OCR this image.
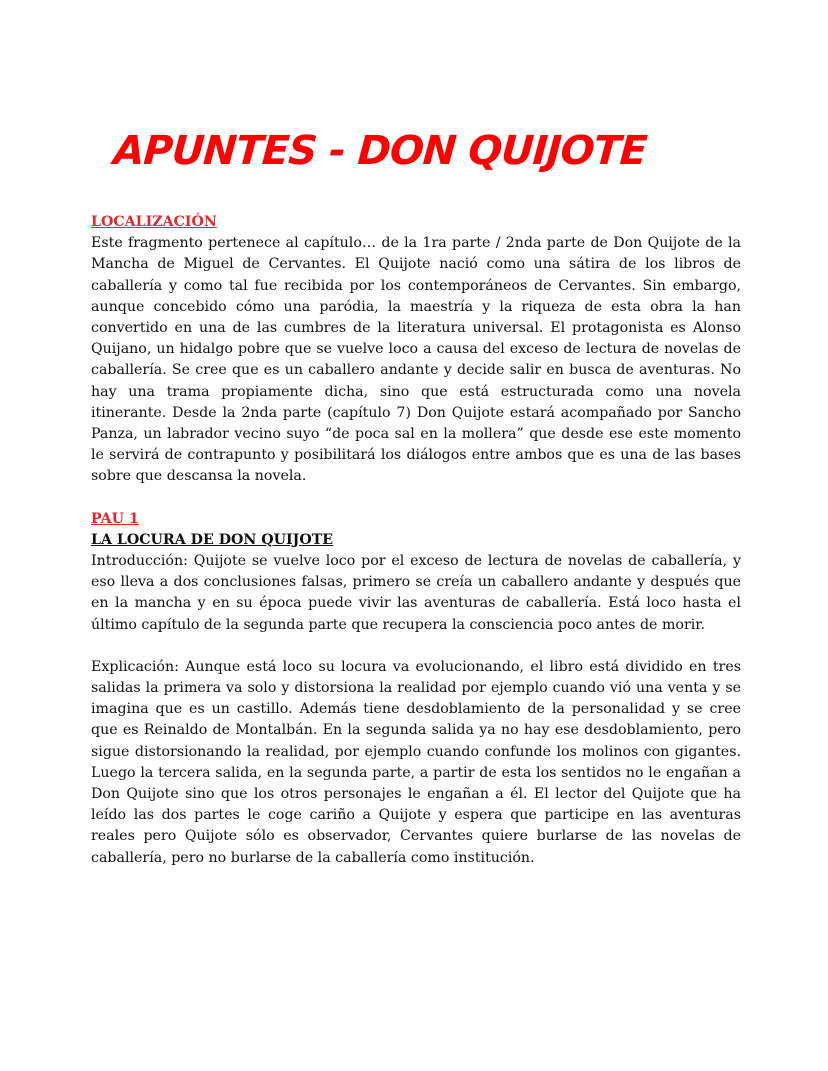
APUNTES - DON QUIJOTE

LOCALIZACIÓN

Este fragmento pertenece al capítulo… de la 1ra parte / 2nda parte de Don Quijote de la Mancha de Miguel de Cervantes. El Quijote nació como una sátira de los libros de caballería y como tal fue recibida por los contemporáneos de Cervantes. Sin embargo, aunque concebido cómo una paródia, la maestría y la riqueza de esta obra la han convertido en una de las cumbres de la literatura universal. El protagonista es Alonso Quijano, un hidalgo pobre que se vuelve loco a causa del exceso de lectura de novelas de caballería. Se cree que es un caballero andante y decide salir en busca de aventuras. No hay una trama propiamente dicha, sino que está estructurada como una novela itinerante. Desde la 2nda parte (capítulo 7) Don Quijote estará acompañado por Sancho Panza, un labrador vecino suyo “de poca sal en la mollera” que desde ese este momento le servirá de contrapunto y posibilitará los diálogos entre ambos que es una de las bases sobre que descansa la novela.

PAU 1

LA LOCURA DE DON QUIJOTE

Introducción: Quijote se vuelve loco por el exceso de lectura de novelas de caballería, y eso lleva a dos conclusiones falsas, primero se creía un caballero andante y después que en la mancha y en su época puede vivir las aventuras de caballería. Está loco hasta el último capítulo de la segunda parte que recupera la consciencia poco antes de morir.

Explicación: Aunque está loco su locura va evolucionando, el libro está dividido en tres salidas la primera va solo y distorsiona la realidad por ejemplo cuando vió una venta y se imagina que es un castillo. Además tiene desdoblamiento de la personalidad y se cree que es Reinaldo de Montalbán. En la segunda salida ya no hay ese desdoblamiento, pero sigue distorsionando la realidad, por ejemplo cuando confunde los molinos con gigantes. Luego la tercera salida, en la segunda parte, a partir de esta los sentidos no le engañan a Don Quijote sino que los otros personajes le engañan a él. El lector del Quijote que ha leído las dos partes le coge cariño a Quijote y espera que participe en las aventuras reales pero Quijote sólo es observador, Cervantes quiere burlarse de las novelas de caballería, pero no burlarse de la caballería como institución.
